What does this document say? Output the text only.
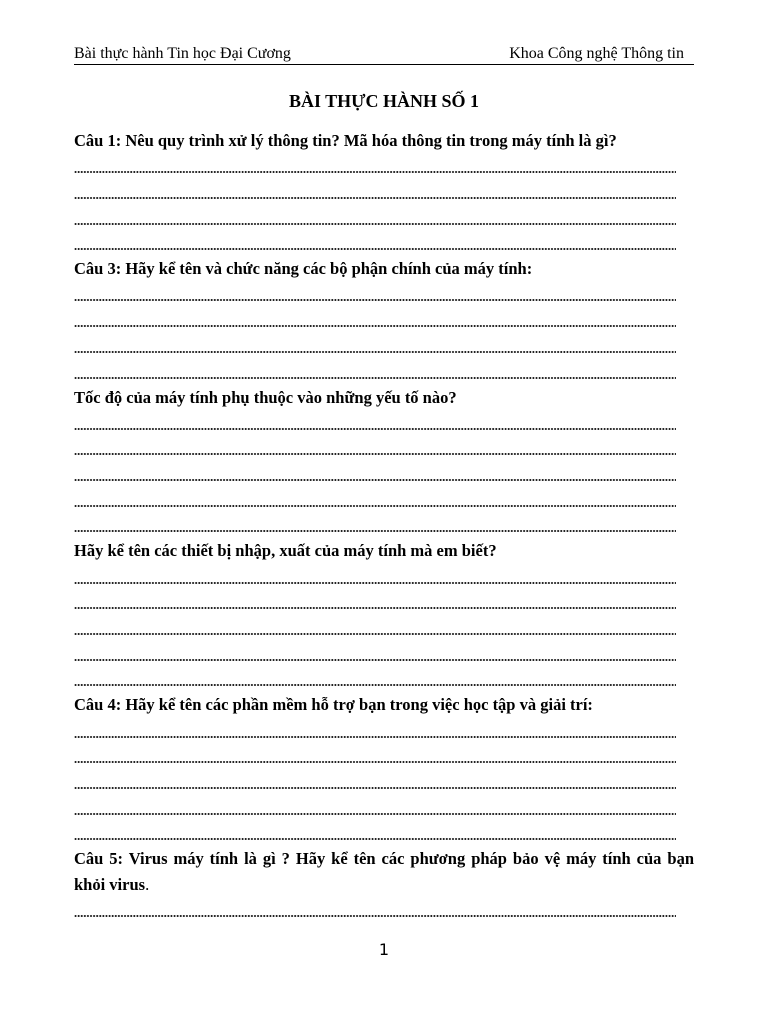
Bài thực hành Tin học Đại Cương	Khoa Công nghệ Thông tin
BÀI THỰC HÀNH SỐ 1

Câu 1: Nêu quy trình xử lý thông tin? Mã hóa thông tin trong máy tính là gì?

Câu 3: Hãy kể tên và chức năng các bộ phận chính của máy tính:

Tốc độ của máy tính phụ thuộc vào những yếu tố nào?

Hãy kể tên các thiết bị nhập, xuất của máy tính mà em biết?

Câu 4: Hãy kể tên các phần mềm hỗ trợ bạn trong việc học tập và giải trí:

Câu 5: Virus máy tính là gì ? Hãy kể tên các phương pháp bảo vệ máy tính của bạn khỏi virus.

1
